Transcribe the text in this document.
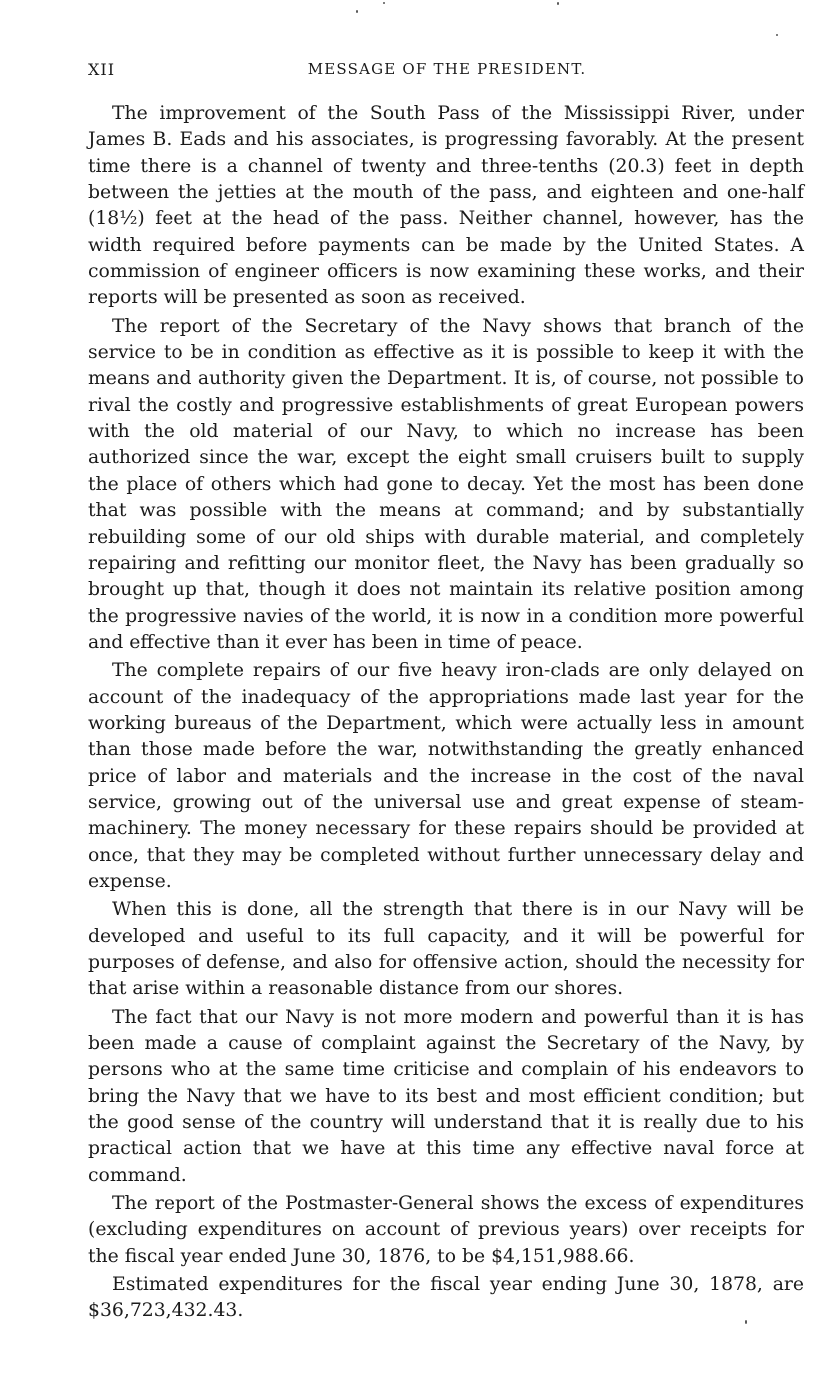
XII	MESSAGE OF THE PRESIDENT.

The improvement of the South Pass of the Mississippi River, under James B. Eads and his associates, is progressing favorably. At the present time there is a channel of twenty and three-tenths (20.3) feet in depth between the jetties at the mouth of the pass, and eighteen and one-half (18½) feet at the head of the pass. Neither channel, however, has the width required before payments can be made by the United States. A commission of engineer officers is now examining these works, and their reports will be presented as soon as received.

The report of the Secretary of the Navy shows that branch of the service to be in condition as effective as it is possible to keep it with the means and authority given the Department. It is, of course, not possible to rival the costly and progressive establishments of great European powers with the old material of our Navy, to which no increase has been authorized since the war, except the eight small cruisers built to supply the place of others which had gone to decay. Yet the most has been done that was possible with the means at command; and by substantially rebuilding some of our old ships with durable material, and completely repairing and refitting our monitor fleet, the Navy has been gradually so brought up that, though it does not maintain its relative position among the progressive navies of the world, it is now in a condition more powerful and effective than it ever has been in time of peace.

The complete repairs of our five heavy iron-clads are only delayed on account of the inadequacy of the appropriations made last year for the working bureaus of the Department, which were actually less in amount than those made before the war, notwithstanding the greatly enhanced price of labor and materials and the increase in the cost of the naval service, growing out of the universal use and great expense of steam-machinery. The money necessary for these repairs should be provided at once, that they may be completed without further unnecessary delay and expense.

When this is done, all the strength that there is in our Navy will be developed and useful to its full capacity, and it will be powerful for purposes of defense, and also for offensive action, should the necessity for that arise within a reasonable distance from our shores.

The fact that our Navy is not more modern and powerful than it is has been made a cause of complaint against the Secretary of the Navy, by persons who at the same time criticise and complain of his endeavors to bring the Navy that we have to its best and most efficient condition; but the good sense of the country will understand that it is really due to his practical action that we have at this time any effective naval force at command.

The report of the Postmaster-General shows the excess of expenditures (excluding expenditures on account of previous years) over receipts for the fiscal year ended June 30, 1876, to be $4,151,988.66.

Estimated expenditures for the fiscal year ending June 30, 1878, are $36,723,432.43.
